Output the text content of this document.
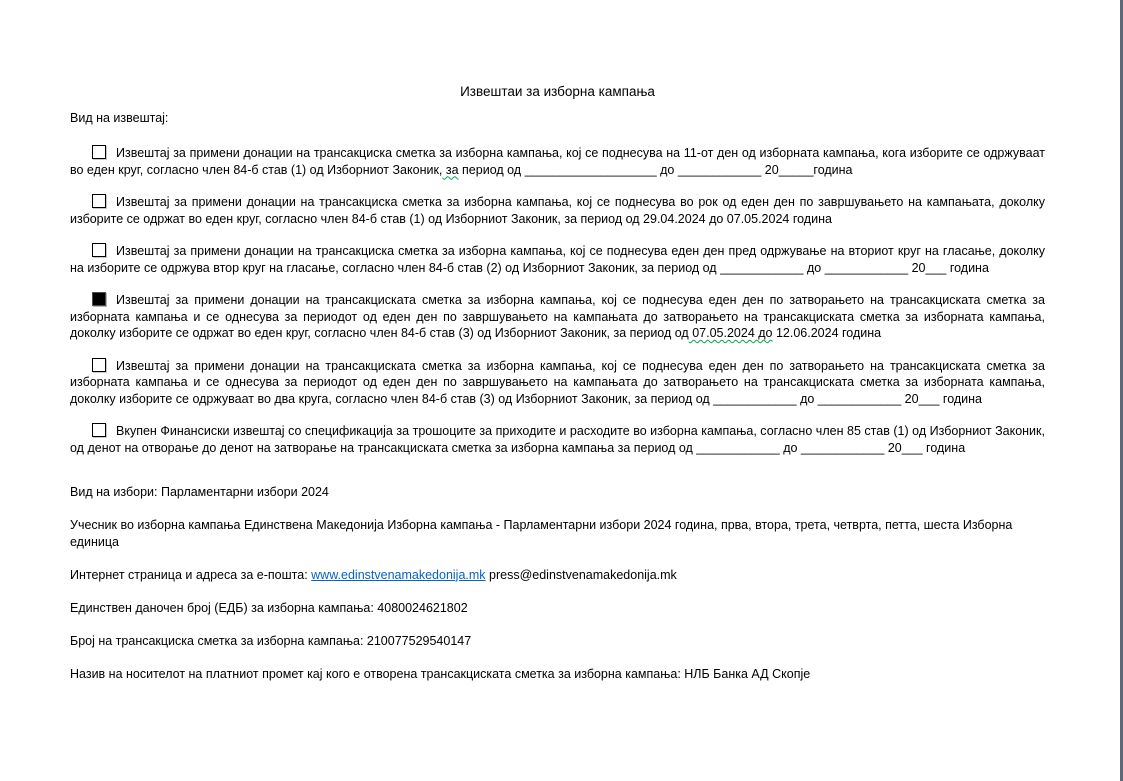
Извештаи за изборна кампања
Вид на извештај:
Извештај за примени донации на трансакциска сметка за изборна кампања, кој се поднесува на 11-от ден од изборната кампања, кога изборите се одржуваат во еден круг, согласно член 84-б став (1) од Изборниот Законик, за период од ___________________ до ____________ 20_____година
Извештај за примени донации на трансакциска сметка за изборна кампања, кој се поднесува во рок од еден ден по завршувањето на кампањата, доколку изборите се одржат во еден круг, согласно член 84-б став (1) од Изборниот Законик, за период од 29.04.2024 до 07.05.2024 година
Извештај за примени донации на трансакциска сметка за изборна кампања, кој се поднесува еден ден пред одржување на вториот круг на гласање, доколку на изборите се одржува втор круг на гласање, согласно член 84-б став (2) од Изборниот Законик, за период од ____________ до ____________ 20___ година
Извештај за примени донации на трансакциската сметка за изборна кампања, кој се поднесува еден ден по затворањето на трансакциската сметка за изборната кампања и се однесува за периодот од еден ден по завршувањето на кампањата до затворањето на трансакциската сметка за изборната кампања, доколку изборите се одржат во еден круг, согласно член 84-б став (3) од Изборниот Законик, за период од 07.05.2024 до 12.06.2024 година
Извештај за примени донации на трансакциската сметка за изборна кампања, кој се поднесува еден ден по затворањето на трансакциската сметка за изборната кампања и се однесува за периодот од еден ден по завршувањето на кампањата до затворањето на трансакциската сметка за изборната кампања, доколку изборите се одржуваат во два круга, согласно член 84-б став (3) од Изборниот Законик, за период од ____________ до ____________ 20___ година
Вкупен Финансиски извештај со спецификација за трошоците за приходите и расходите во изборна кампања, согласно член 85 став (1) од Изборниот Законик, од денот на отворање до денот на затворање на трансакциската сметка за изборна кампања за период од ____________ до ____________ 20___ година
Вид на избори: Парламентарни избори 2024
Учесник во изборна кампања Единствена Македонија Изборна кампања - Парламентарни избори 2024 година, прва, втора, трета, четврта, петта, шеста Изборна единица
Интернет страница и адреса за е-пошта: www.edinstvenamakedonija.mk press@edinstvenamakedonija.mk
Единствен даночен број (ЕДБ) за изборна кампања: 4080024621802
Број на трансакциска сметка за изборна кампања: 210077529540147
Назив на носителот на платниот промет кај кого е отворена трансакциската сметка за изборна кампања: НЛБ Банка АД Скопје
